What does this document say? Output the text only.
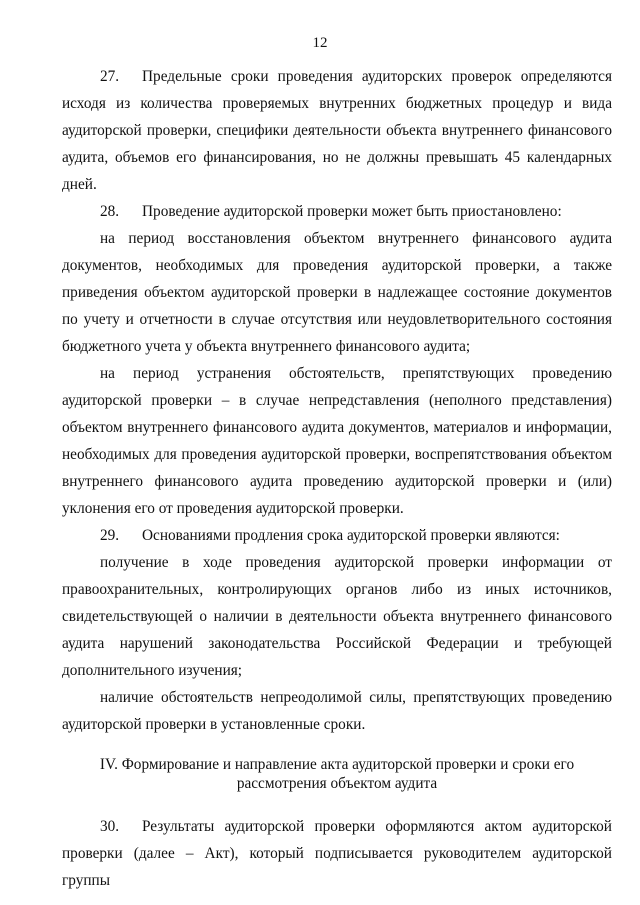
12

27. Предельные сроки проведения аудиторских проверок определяются исходя из количества проверяемых внутренних бюджетных процедур и вида аудиторской проверки, специфики деятельности объекта внутреннего финансового аудита, объемов его финансирования, но не должны превышать 45 календарных дней.

28. Проведение аудиторской проверки может быть приостановлено:

на период восстановления объектом внутреннего финансового аудита документов, необходимых для проведения аудиторской проверки, а также приведения объектом аудиторской проверки в надлежащее состояние документов по учету и отчетности в случае отсутствия или неудовлетворительного состояния бюджетного учета у объекта внутреннего финансового аудита;

на период устранения обстоятельств, препятствующих проведению аудиторской проверки – в случае непредставления (неполного представления) объектом внутреннего финансового аудита документов, материалов и информации, необходимых для проведения аудиторской проверки, воспрепятствования объектом внутреннего финансового аудита проведению аудиторской проверки и (или) уклонения его от проведения аудиторской проверки.

29. Основаниями продления срока аудиторской проверки являются:

получение в ходе проведения аудиторской проверки информации от правоохранительных, контролирующих органов либо из иных источников, свидетельствующей о наличии в деятельности объекта внутреннего финансового аудита нарушений законодательства Российской Федерации и требующей дополнительного изучения;

наличие обстоятельств непреодолимой силы, препятствующих проведению аудиторской проверки в установленные сроки.

IV. Формирование и направление акта аудиторской проверки и сроки его
рассмотрения объектом аудита

30. Результаты аудиторской проверки оформляются актом аудиторской проверки (далее – Акт), который подписывается руководителем аудиторской группы
